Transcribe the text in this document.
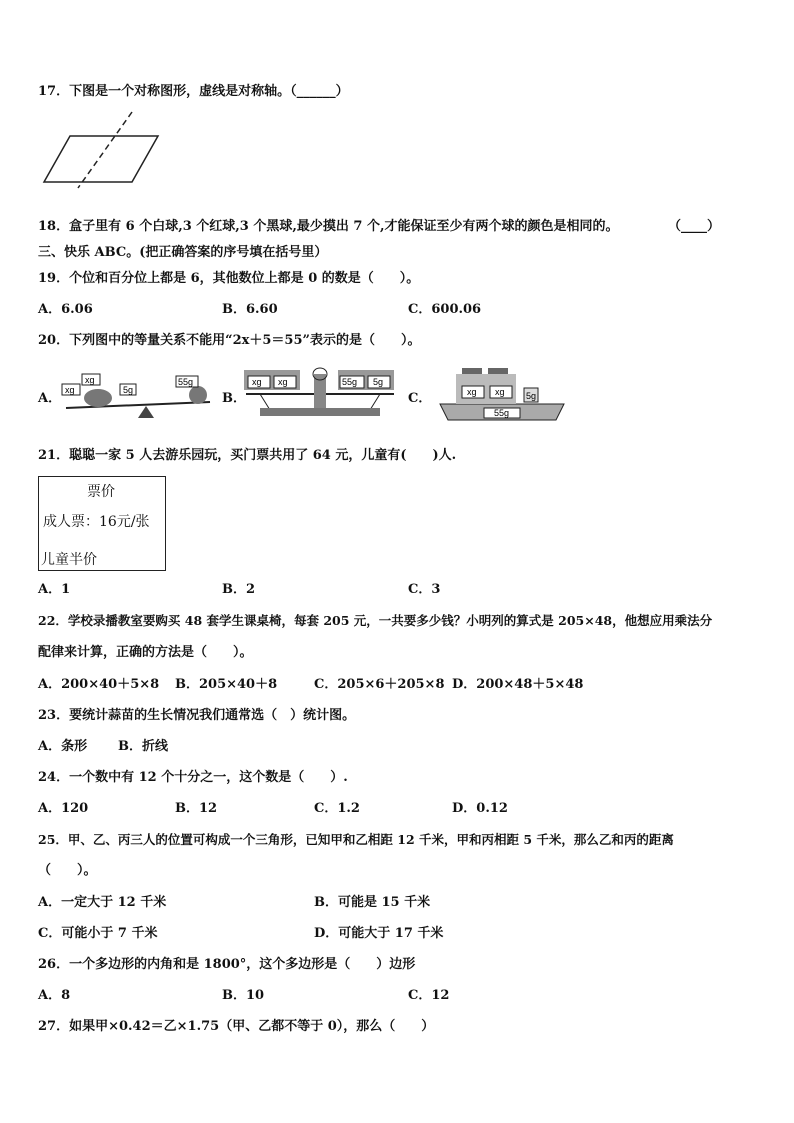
17．下图是一个对称图形，虚线是对称轴。（______）
18．盒子里有 6 个白球,3 个红球,3 个黑球,最少摸出 7 个,才能保证至少有两个球的颜色是相同的。	（____）
三、快乐 ABC。(把正确答案的序号填在括号里）
19．个位和百分位上都是 6，其他数位上都是 0 的数是（　　）。
A．6.06	B．6.60	C．600.06
20．下列图中的等量关系不能用“2x＋5＝55”表示的是（　　）。
A．	B．	C．
xg
xg
5g
55g	xg xg	55g 5g
xg xg 5g
55g
21．聪聪一家 5 人去游乐园玩，买门票共用了 64 元，儿童有(　　)人.
票价
成人票：16元/张
儿童半价
A．1	B．2	C．3
22．学校录播教室要购买 48 套学生课桌椅，每套 205 元，一共要多少钱？小明列的算式是 205×48，他想应用乘法分
配律来计算，正确的方法是（　　）。
A．200×40＋5×8 B．205×40＋8	C．205×6＋205×8 D．200×48＋5×48
23．要统计蒜苗的生长情况我们通常选（　）统计图。
A．条形 B．折线
24．一个数中有 12 个十分之一，这个数是（　　）.
A．120	B．12	C．1.2	D．0.12
25．甲、乙、丙三人的位置可构成一个三角形，已知甲和乙相距 12 千米，甲和丙相距 5 千米，那么乙和丙的距离
（　　）。
A．一定大于 12 千米	B．可能是 15 千米
C．可能小于 7 千米	D．可能大于 17 千米
26．一个多边形的内角和是 1800°，这个多边形是（　　）边形
A．8	B．10	C．12
27．如果甲×0.42＝乙×1.75（甲、乙都不等于 0），那么（　　）
